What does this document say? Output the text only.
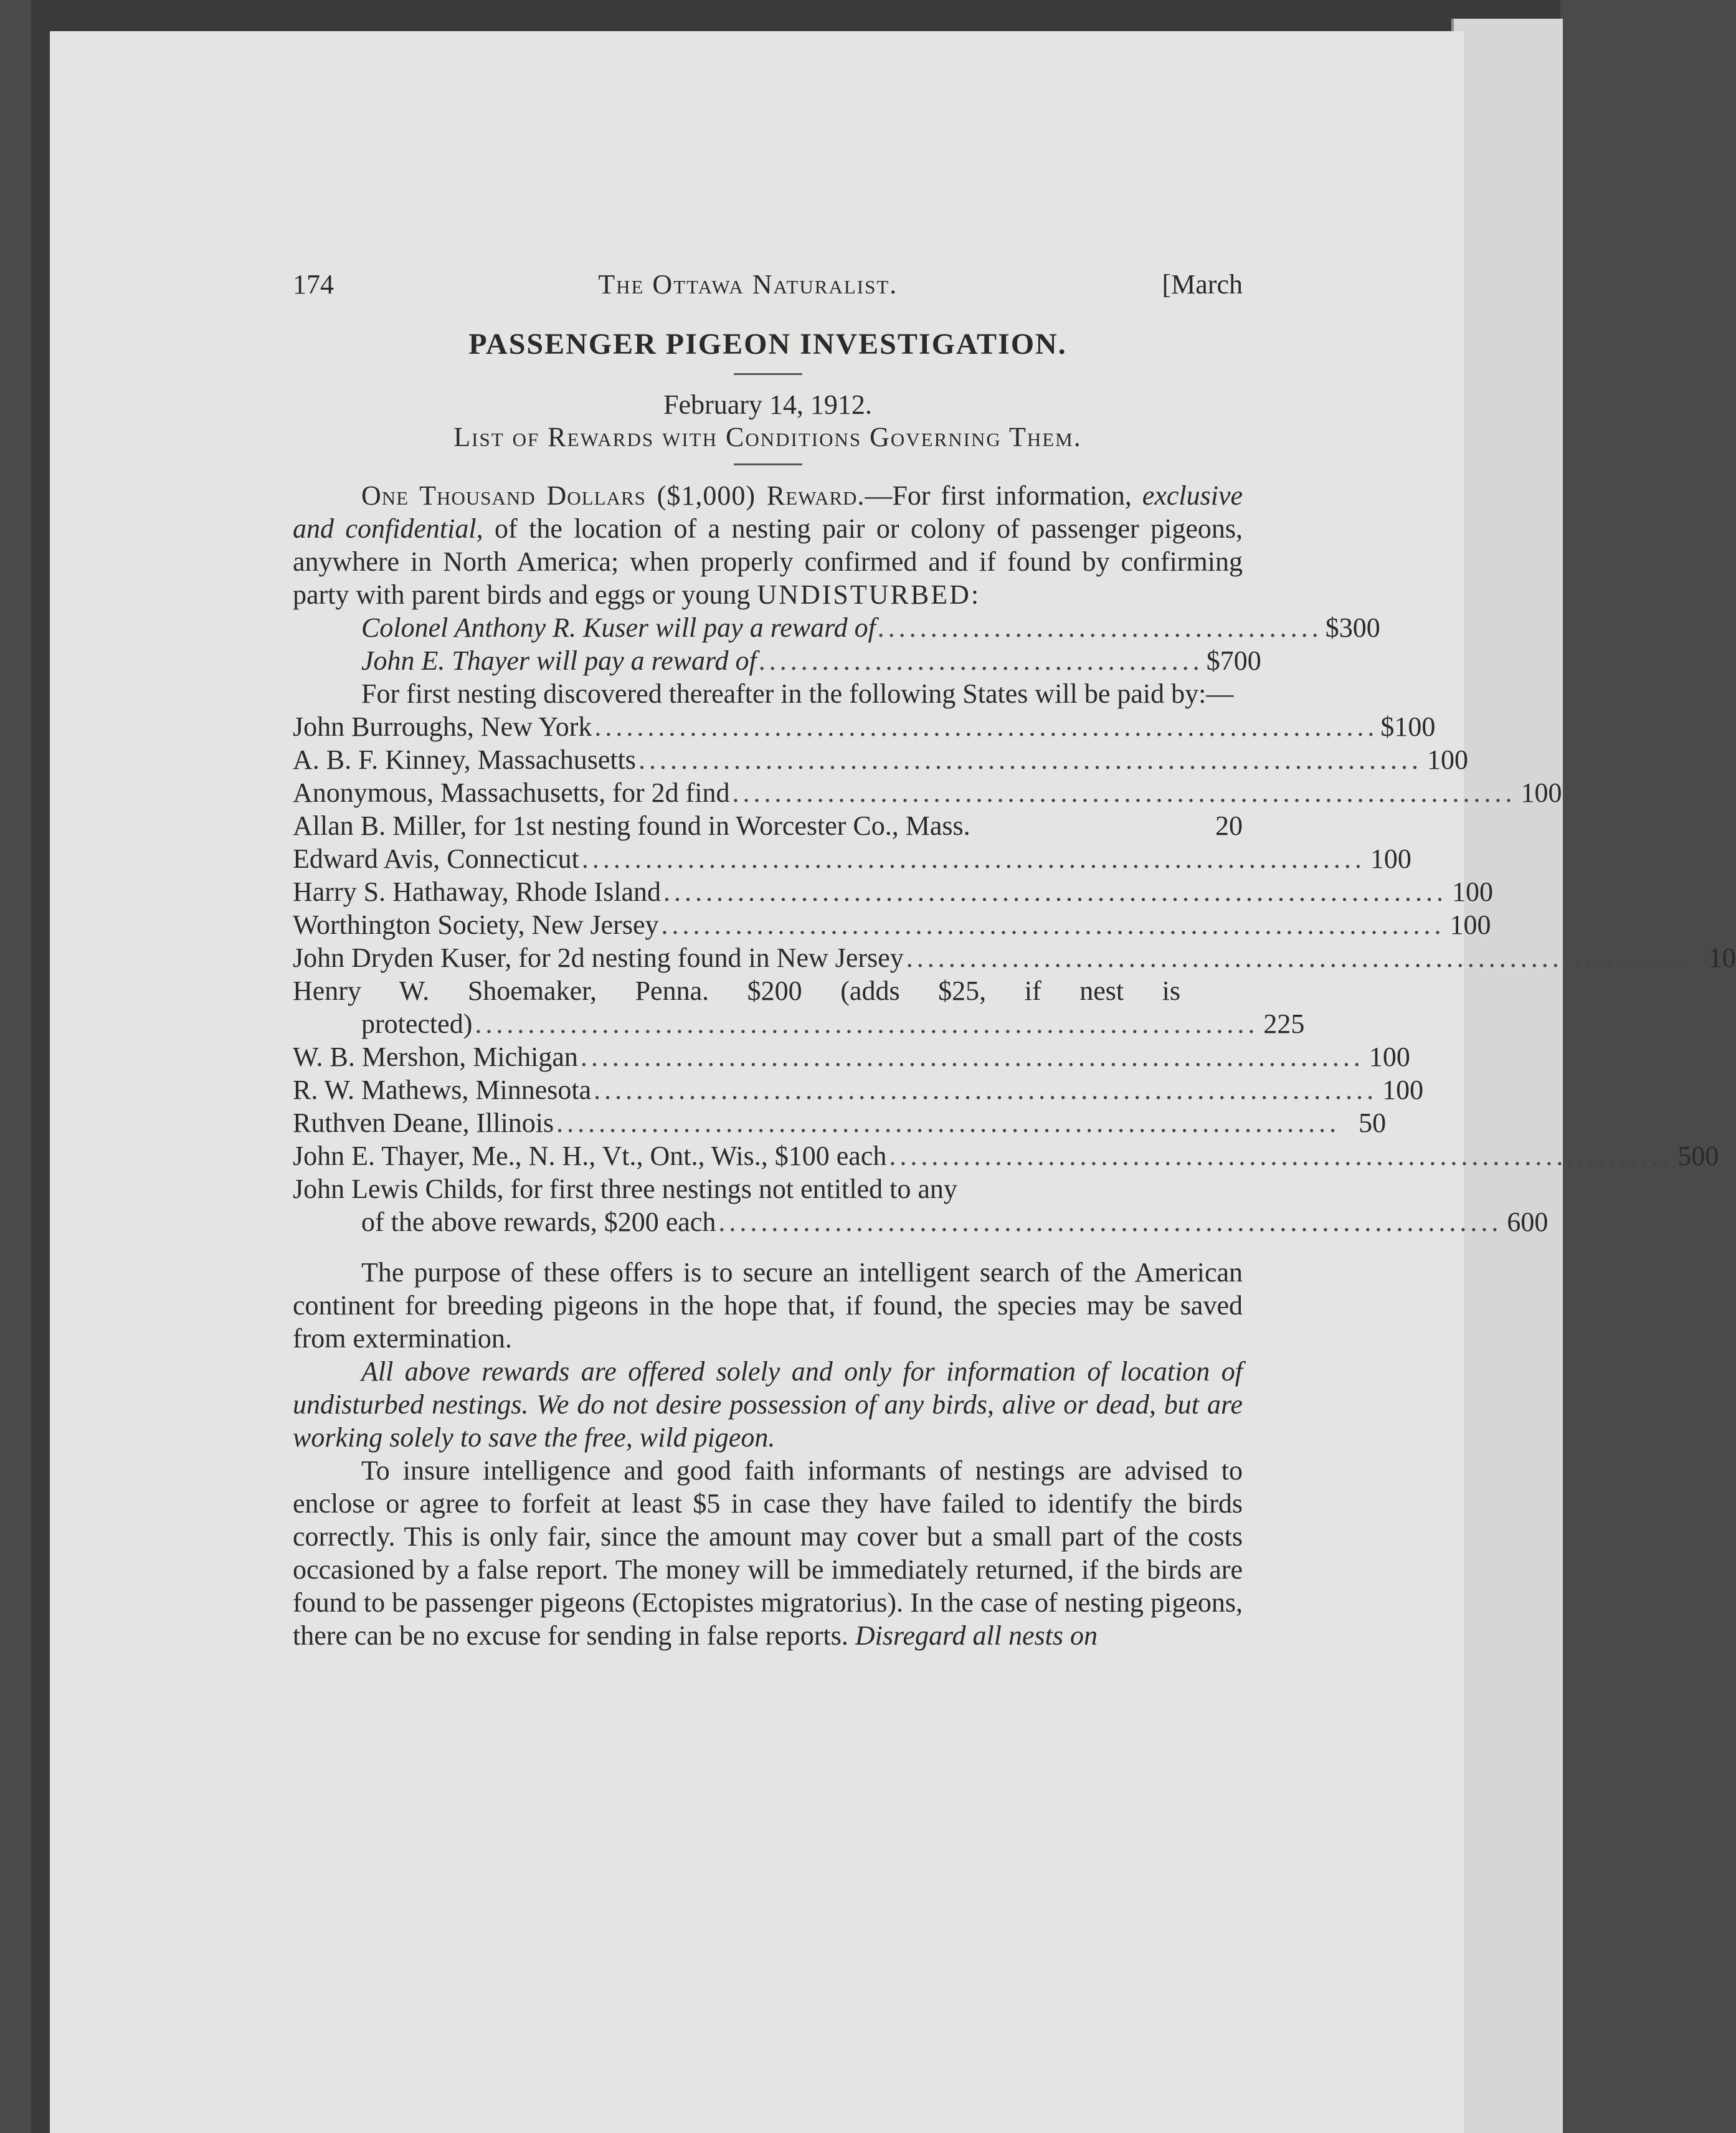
174	The Ottawa Naturalist.	[March
PASSENGER PIGEON INVESTIGATION.
February 14, 1912.
List of Rewards with Conditions Governing Them.

One Thousand Dollars ($1,000) Reward.—For first information, exclusive and confidential, of the location of a nesting pair or colony of passenger pigeons, anywhere in North America; when properly confirmed and if found by confirming party with parent birds and eggs or young UNDISTURBED:

Colonel Anthony R. Kuser will pay a reward of .......................................... $300
John E. Thayer will pay a reward of .......................................... $700

For first nesting discovered thereafter in the following States will be paid by:—

John Burroughs, New York .......................................................................... $100
A. B. F. Kinney, Massachusetts .......................................................................... 100
Anonymous, Massachusetts, for 2d find .......................................................................... 100
Allan B. Miller, for 1st nesting found in Worcester Co., Mass.	20
Edward Avis, Connecticut .......................................................................... 100
Harry S. Hathaway, Rhode Island .......................................................................... 100
Worthington Society, New Jersey .......................................................................... 100
John Dryden Kuser, for 2d nesting found in New Jersey .......................................................................... 10
Henry W. Shoemaker, Penna. $200 (adds $25, if nest is
protected) .......................................................................... 225
W. B. Mershon, Michigan .......................................................................... 100
R. W. Mathews, Minnesota .......................................................................... 100
Ruthven Deane, Illinois .......................................................................... 50
John E. Thayer, Me., N. H., Vt., Ont., Wis., $100 each .......................................................................... 500
John Lewis Childs, for first three nestings not entitled to any
of the above rewards, $200 each .......................................................................... 600

The purpose of these offers is to secure an intelligent search of the American continent for breeding pigeons in the hope that, if found, the species may be saved from extermination.

All above rewards are offered solely and only for information of location of undisturbed nestings. We do not desire possession of any birds, alive or dead, but are working solely to save the free, wild pigeon.

To insure intelligence and good faith informants of nestings are advised to enclose or agree to forfeit at least $5 in case they have failed to identify the birds correctly. This is only fair, since the amount may cover but a small part of the costs occasioned by a false report. The money will be immediately returned, if the birds are found to be passenger pigeons (Ectopistes migratorius). In the case of nesting pigeons, there can be no excuse for sending in false reports. Disregard all nests on
